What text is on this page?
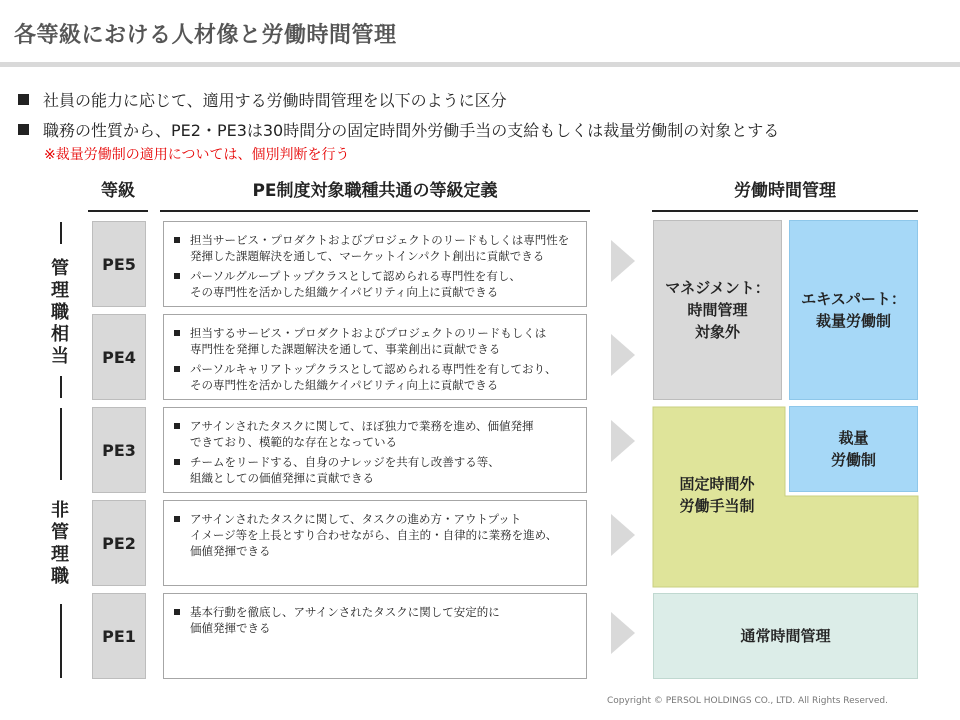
各等級における人材像と労働時間管理
社員の能力に応じて、適用する労働時間管理を以下のように区分
職務の性質から、PE2・PE3は30時間分の固定時間外労働手当の支給もしくは裁量労働制の対象とする
※裁量労働制の適用については、個別判断を行う
等級	PE制度対象職種共通の等級定義	労働時間管理
管理職相当
非管理職
PE5
担当サービス・プロダクトおよびプロジェクトのリードもしくは専門性を
発揮した課題解決を通して、マーケットインパクト創出に貢献できる
パーソルグループトップクラスとして認められる専門性を有し、
その専門性を活かした組織ケイパビリティ向上に貢献できる
PE4
担当するサービス・プロダクトおよびプロジェクトのリードもしくは
専門性を発揮した課題解決を通して、事業創出に貢献できる
パーソルキャリアトップクラスとして認められる専門性を有しており、
その専門性を活かした組織ケイパビリティ向上に貢献できる
PE3
アサインされたタスクに関して、ほぼ独力で業務を進め、価値発揮
できており、模範的な存在となっている
チームをリードする、自身のナレッジを共有し改善する等、
組織としての価値発揮に貢献できる
PE2
アサインされたタスクに関して、タスクの進め方・アウトプット
イメージ等を上長とすり合わせながら、自主的・自律的に業務を進め、
価値発揮できる
PE1
基本行動を徹底し、アサインされたタスクに関して安定的に
価値発揮できる
マネジメント：
時間管理
対象外
エキスパート：
裁量労働制
固定時間外
労働手当制
裁量
労働制
通常時間管理
Copyright © PERSOL HOLDINGS CO., LTD. All Rights Reserved.
